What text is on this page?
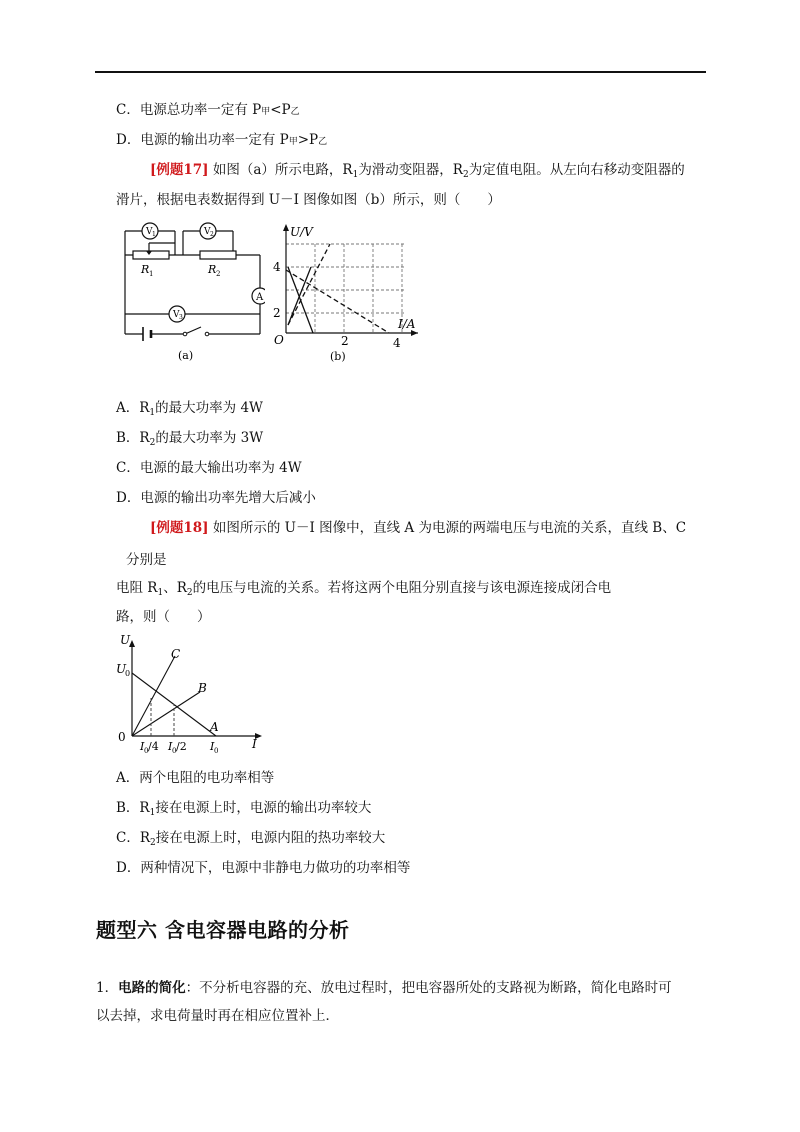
C．电源总功率一定有 P甲<P乙
D．电源的输出功率一定有 P甲>P乙
[例题17] 如图（a）所示电路，$R_1$为滑动变阻器，$R_2$为定值电阻。从左向右移动变阻器的
滑片，根据电表数据得到 U－I 图像如图（b）所示，则（　　）
V 1	V 2
V 3
A
R 1	R 2
(a)
U/V
I/A
O
4
2
2	4
(b)
A．$R_1$的最大功率为 4W
B．$R_2$的最大功率为 3W
C．电源的最大输出功率为 4W
D．电源的输出功率先增大后减小
[例题18] 如图所示的 U－I 图像中，直线 A 为电源的两端电压与电流的关系，直线 B、C
分别是
电阻 $R_1$、$R_2$的电压与电流的关系。若将这两个电阻分别直接与该电源连接成闭合电
路，则（　　）
U
U
0
C
B
A
0
I 0 /4 I 0 /2 I 0	I
A．两个电阻的电功率相等
B．$R_1$接在电源上时，电源的输出功率较大
C．$R_2$接在电源上时，电源内阻的热功率较大
D．两种情况下，电源中非静电力做功的功率相等
题型六 含电容器电路的分析
1．电路的简化：不分析电容器的充、放电过程时，把电容器所处的支路视为断路，简化电路时可
以去掉，求电荷量时再在相应位置补上．
